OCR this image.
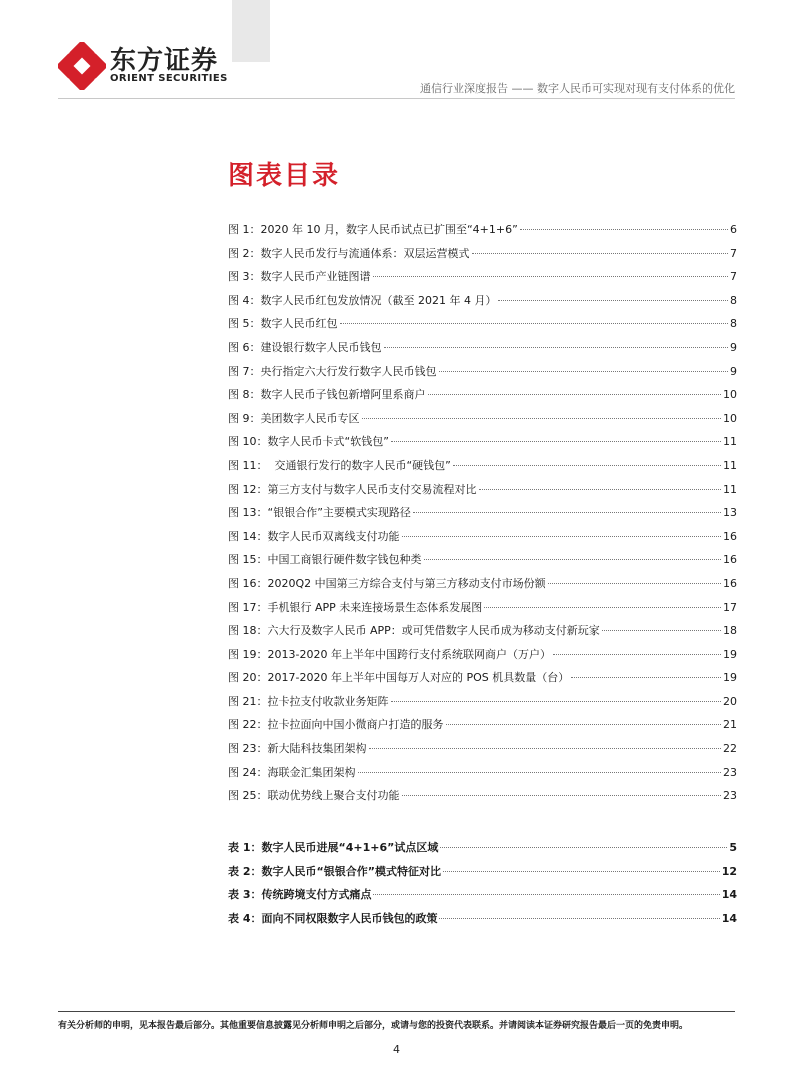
东方证券
ORIENT SECURITIES
通信行业深度报告 —— 数字人民币可实现对现有支付体系的优化
图表目录
图 1：2020 年 10 月，数字人民币试点已扩围至“4+1+6”	6
图 2：数字人民币发行与流通体系：双层运营模式	7
图 3：数字人民币产业链图谱	7
图 4：数字人民币红包发放情况（截至 2021 年 4 月）	8
图 5：数字人民币红包	8
图 6：建设银行数字人民币钱包	9
图 7：央行指定六大行发行数字人民币钱包	9
图 8：数字人民币子钱包新增阿里系商户	10
图 9：美团数字人民币专区	10
图 10：数字人民币卡式“软钱包”	11
图 11：  交通银行发行的数字人民币“硬钱包”	11
图 12：第三方支付与数字人民币支付交易流程对比	11
图 13：“银银合作”主要模式实现路径	13
图 14：数字人民币双离线支付功能	16
图 15：中国工商银行硬件数字钱包种类	16
图 16：2020Q2 中国第三方综合支付与第三方移动支付市场份额	16
图 17：手机银行 APP 未来连接场景生态体系发展图	17
图 18：六大行及数字人民币 APP：或可凭借数字人民币成为移动支付新玩家	18
图 19：2013-2020 年上半年中国跨行支付系统联网商户（万户）	19
图 20：2017-2020 年上半年中国每万人对应的 POS 机具数量（台）	19
图 21：拉卡拉支付收款业务矩阵	20
图 22：拉卡拉面向中国小微商户打造的服务	21
图 23：新大陆科技集团架构	22
图 24：海联金汇集团架构	23
图 25：联动优势线上聚合支付功能	23
表 1：数字人民币进展“4+1+6”试点区域	5
表 2：数字人民币“银银合作”模式特征对比	12
表 3：传统跨境支付方式痛点	14
表 4：面向不同权限数字人民币钱包的政策	14
有关分析师的申明，见本报告最后部分。其他重要信息披露见分析师申明之后部分，或请与您的投资代表联系。并请阅读本证券研究报告最后一页的免责申明。
4
